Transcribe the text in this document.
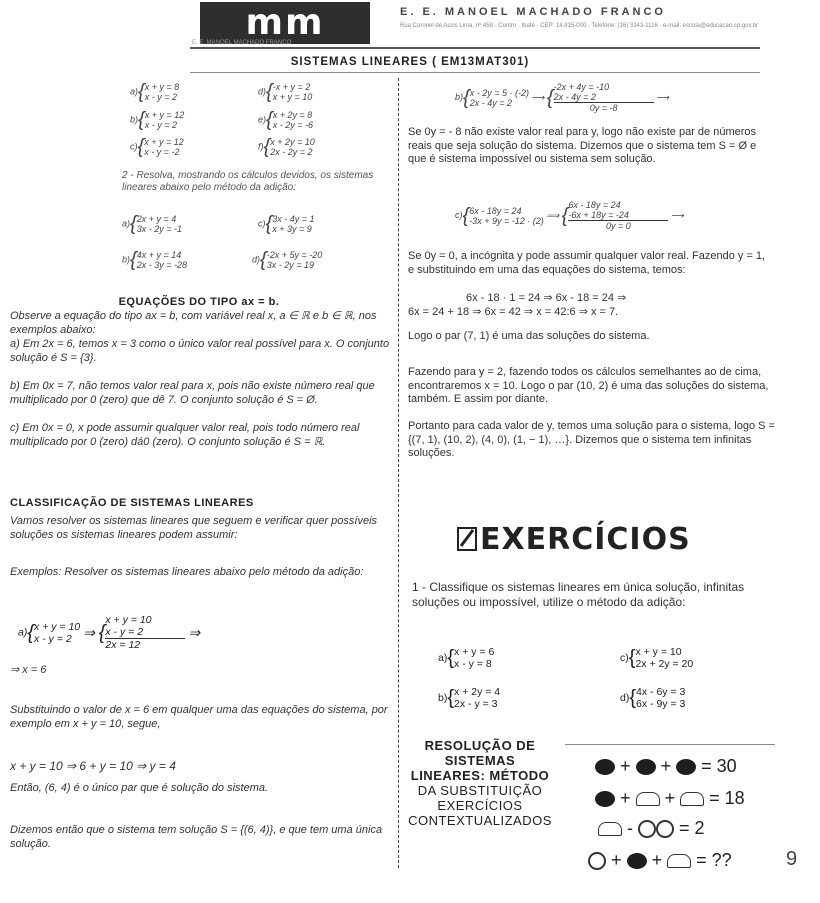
mm	E. E. MANOEL MACHADO FRANCO
Rua Coronel de Assis Lima, nº 458 · Centro · Ibaté · CEP: 14.815-000 · Telefone: (16) 3343-1116 · e-mail: escola@educacao.sp.gov.br
E. E. MANOEL MACHADO FRANCO
SISTEMAS LINEARES ( EM13MAT301)
a){x + y = 8
x - y = 2
d){-x + y = 2
x + y = 10
b){x + y = 12
x - y = 2
e){x + 2y = 8
x - 2y = -6
c){x + y = 12
x - y = -2
f){x + 2y = 10
2x - 2y = 2
2 - Resolva, mostrando os cálculos devidos, os sistemas lineares abaixo pelo método da adição:
a){2x + y = 4
3x - 2y = -1
c){3x - 4y = 1
x + 3y = 9
b){4x + y = 14
2x - 3y = -28
d){-2x + 5y = -20
3x - 2y = 19
EQUAÇÕES DO TIPO ax = b.
Observe a equação do tipo ax = b, com variável real x, a ∈ ℝ e b ∈ ℝ, nos exemplos abaixo:
a) Em 2x = 6, temos x = 3 como o único valor real possível para x. O conjunto solução é S = {3}.
b) Em 0x = 7, não temos valor real para x, pois não existe número real que multiplicado por 0 (zero) que dê 7. O conjunto solução é S = Ø.
c) Em 0x = 0, x pode assumir qualquer valor real, pois todo número real multiplicado por 0 (zero) dá0 (zero). O conjunto solução é S = ℝ.
CLASSIFICAÇÃO DE SISTEMAS LINEARES
Vamos resolver os sistemas lineares que seguem e verificar quer possíveis soluções os sistemas lineares podem assumir:
Exemplos: Resolver os sistemas lineares abaixo pelo método da adição:
a){x + y = 10
x - y = 2 ⇒ {x + y = 10
x - y = 2
2x = 12 ⇒
⇒ x = 6
Substituindo o valor de x = 6 em qualquer uma das equações do sistema, por exemplo em x + y = 10, segue,
x + y = 10 ⇒ 6 + y = 10 ⇒ y = 4
Então, (6, 4) é o único par que é solução do sistema.
Dizemos então que o sistema tem solução S = {(6, 4)}, e que tem uma única solução.
b){x - 2y = 5 · (-2)
2x - 4y = 2 ⟶ {-2x + 4y = -10
2x - 4y = 2
0y = -8 ⟶
Se 0y = - 8 não existe valor real para y, logo não existe par de números reais que seja solução do sistema. Dizemos que o sistema tem S = Ø e que é sistema impossível ou sistema sem solução.
c){6x - 18y = 24
-3x + 9y = -12 · (2) ⟹ {6x - 18y = 24
-6x + 18y = -24
0y = 0 ⟶
Se 0y = 0, a incógnita y pode assumir qualquer valor real. Fazendo y = 1, e substituindo em uma das equações do sistema, temos:
6x - 18 · 1 = 24 ⇒ 6x - 18 = 24 ⇒
6x = 24 + 18 ⇒ 6x = 42 ⇒ x = 42:6 ⇒ x = 7.
Logo o par (7, 1) é uma das soluções do sistema.
Fazendo para y = 2, fazendo todos os cálculos semelhantes ao de cima, encontraremos x = 10. Logo o par (10, 2) é uma das soluções do sistema, também. E assim por diante.
Portanto para cada valor de y, temos uma solução para o sistema, logo S = {(7, 1), (10, 2), (4, 0), (1, − 1), …}. Dizemos que o sistema tem infinitas soluções.
EXERCÍCIOS
1 - Classifique os sistemas lineares em única solução, infinitas soluções ou impossível, utilize o método da adição:
a){x + y = 6
x - y = 8
c){x + y = 10
2x + 2y = 20
b){x + 2y = 4
2x - y = 3
d){4x - 6y = 3
6x - 9y = 3
RESOLUÇÃO DE
SISTEMAS
LINEARES: MÉTODO
DA SUBSTITUIÇÃO
EXERCÍCIOS
CONTEXTUALIZADOS
+ + = 30
+ + = 18
-	= 2
+ + = ??	9
